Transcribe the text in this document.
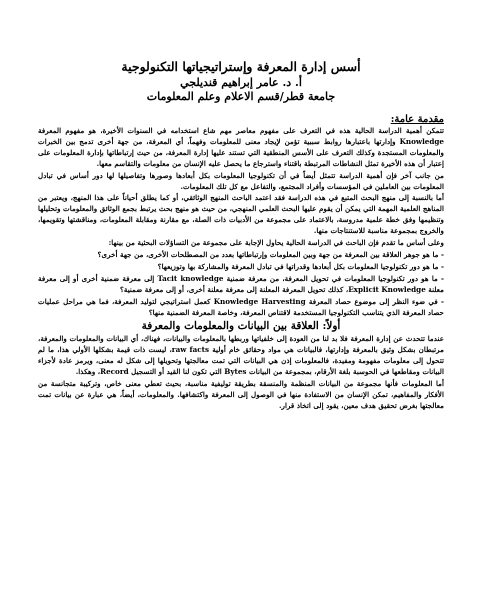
أسس إدارة المعرفة وإستراتيجياتها التكنولوجية

أ. د. عامر إبراهيم قنديلجي

جامعة قطر/قسم الاعلام وعلم المعلومات

مقدمة عامة:

تتمكن أهمية الدراسة الحالية هذه في التعرف على مفهوم معاصر مهم شاع استخدامه في السنوات الأخيرة، هو مفهوم المعرفة Knowledge وإدارتها باعتبارها روابط سببية تؤمن لإيجاد معنى للمعلومات وفهماً، أي المعرفة، من جهة أخرى تدمج بين الخبرات والمعلومات المستجدة وكذلك التعرف على الأسس المنطقية التي تستند عليها إدارة المعرفة، من حيث إرتباطاتها بإدارة المعلومات على إعتبار أن هذه الأخيرة تمثل النشاطات المرتبطة باقتناء واسترجاع ما يحصل عليه الإنسان من معلومات والتقاسم معها.

من جانب آخر فإن أهمية الدراسة تتمثل أيضاً في أن تكنولوجيا المعلومات بكل أبعادها وصورها وتفاصيلها لها دور أساس في تبادل المعلومات بين العاملين في المؤسسات وأفراد المجتمع، والتفاعل مع كل تلك المعلومات.

أما بالنسبة إلى منهج البحث المتبع في هذه الدراسة فقد اعتمد الباحث المنهج الوثائقي، أو كما يطلق أحياناً على هذا المنهج، ويعتبر من المناهج العلمية المهمة التي يمكن أن يقوم عليها البحث العلمي المنهجي، من حيث هو منهج بحث يرتبط بجمع الوثائق والمعلومات وتحليلها وتنظيمها وفق خطة علمية مدروسة، بالاعتماد على مجموعة من الأدبيات ذات الصلة، مع مقارنة ومقابلة المعلومات، ومناقشتها وتقويمها، والخروج بمجموعة مناسبة للاستنتاجات منها.

وعلى أساس ما تقدم فإن الباحث في الدراسة الحالية يحاول الإجابة على مجموعة من التساؤلات البحثية من بينها:

- ما هو جوهر العلاقة بين المعرفة من جهة وبين المعلومات وإرتباطاتها بعدد من المصطلحات الأخرى، من جهة أخرى؟

- ما هو دور تكنولوجيا المعلومات بكل أبعادها وقدراتها في تبادل المعرفة والمشاركة بها وتوزيعها؟

- ما هو دور تكنولوجيا المعلومات في تحويل المعرفة، من معرفة ضمنية Tacit knowledge إلى معرفة ضمنية أخرى أو إلى معرفة معلنة Explicit Knowledge، كذلك تحويل المعرفة المعلنة إلى معرفة معلنة أخرى، أو إلى معرفة ضمنية؟

- في ضوء النظر إلى موضوع حصاد المعرفة Knowledge Harvesting كعمل استراتيجي لتوليد المعرفة، فما هي مراحل عمليات حصاد المعرفة الذي يتناسب التكنولوجيا المستخدمة لاقتناص المعرفة، وخاصة المعرفة الضمنية منها؟

أولاً: العلاقة بين البيانات والمعلومات والمعرفة

عندما تتحدث عن إدارة المعرفة فلا بد لنا من العودة إلى خلفياتها وربطها بالمعلومات والبيانات، فهناك، أي البيانات والمعلومات والمعرفة، مرتبطان بشكل وثيق بالمعرفة وإدارتها، فالبيانات هي مواد وحقائق خام أولية raw facts، ليست ذات قيمة بشكلها الأولي هذا، ما لم تتحول إلى معلومات مفهومة ومفيدة، فالمعلومات إذن هي البيانات التي تمت معالجتها وتحويلها إلى شكل له معنى، ويرمز عادة لأجزاء البيانات ومقاطعها في الحوسبة بلغة الأرقام، بمجموعة من البيانات Bytes التي تكون لنا القيد أو التسجيل Record، وهكذا.

أما المعلومات فأنها مجموعة من البيانات المنظمة والمنسقة بطريقة توليفية مناسبة، بحيث تعطي معنى خاص، وتركيبة متجانسة من الأفكار والمفاهيم، تمكن الإنسان من الاستفادة منها في الوصول إلى المعرفة واكتشافها. والمعلومات، أيضاً، هي عبارة عن بيانات تمت معالجتها بغرض تحقيق هدف معين، يقود إلى اتخاذ قرار.
